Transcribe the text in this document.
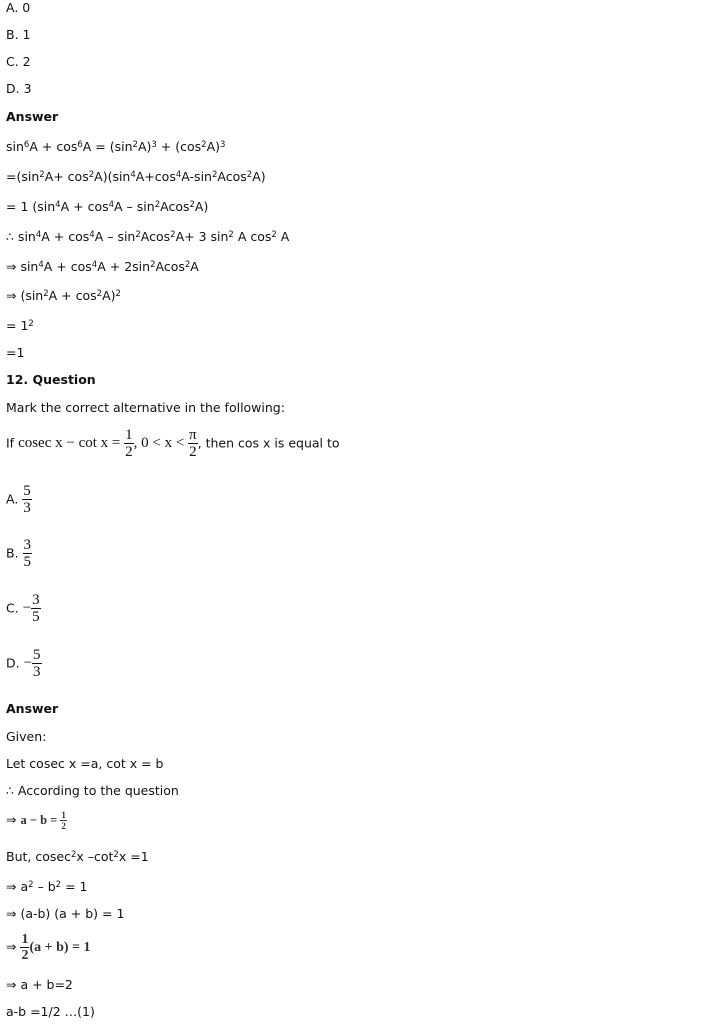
A. 0
B. 1
C. 2
D. 3
Answer
$\sin^6A + \cos^6A = (\sin^2A)^3 + (\cos^2A)^3$
$=(\sin^2A+ \cos^2A)(\sin^4A+\cos^4A-\sin^2Acos^2A)$
= 1 $(\sin^4A + \cos^4A - \sin^2Acos^2A)$
∴ $\sin^4A + \cos^4A - \sin^2Acos^2A+ 3$ $\sin^2 A$ $\cos^2 A$
⇒ $\sin^4A + \cos^4A + 2\sin^2Acos^2A$
⇒ $(\sin^2A + \cos^2A)^2$
= $1^2$
=1
12. Question
Mark the correct alternative in the following:
If cosec $x - \cot x = \frac{1}{2}$ , $0 < x < \frac{\pi}{2}$ , then cos x is equal to
A. $\frac{5}{3}$
B. $\frac{3}{5}$
C. − $\frac{3}{5}$
D. − $\frac{5}{3}$
Answer
Given:
Let cosec x =a, cot x = b
∴ According to the question
⇒ $a - b = \frac{1}{2}$
But, cosec$^2$x $-\cot^2x =1$
⇒ $a^2 - b^2 = 1$
⇒ (a-b) (a + b) = 1
⇒ $\frac{1}{2} (a + b) = 1$
⇒ a + b=2
a-b =1/2 …(1)
